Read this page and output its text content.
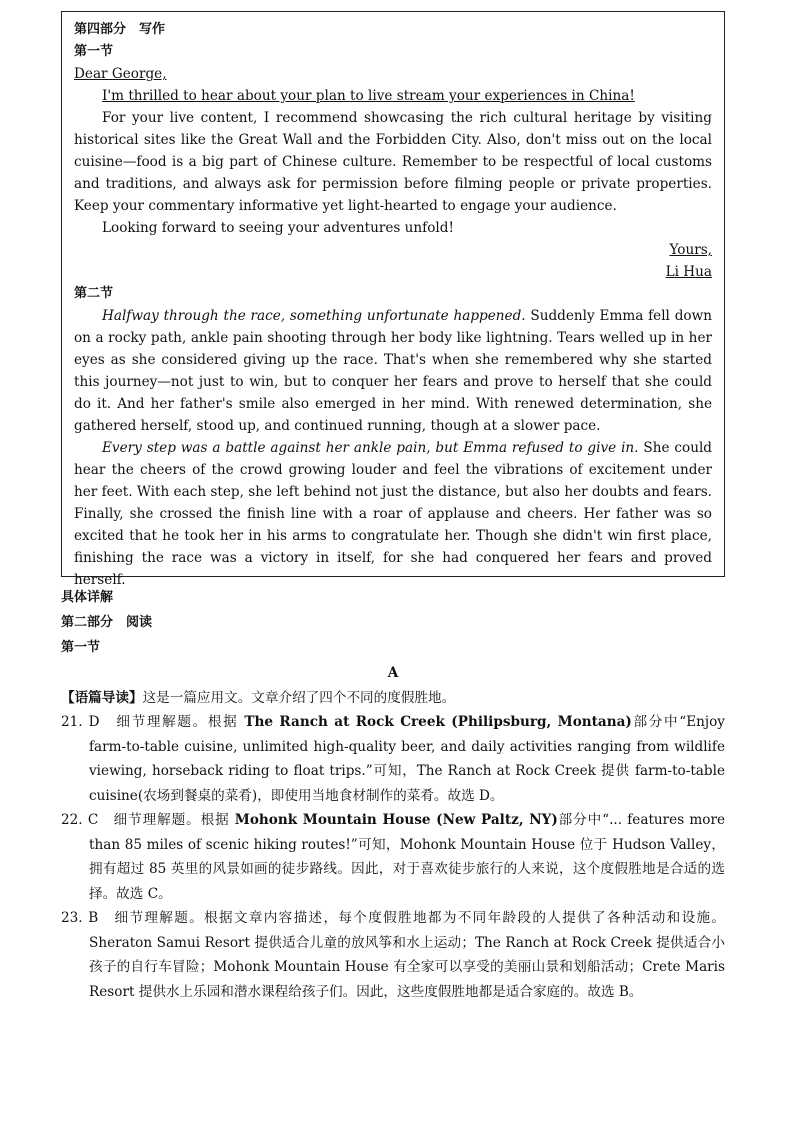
第四部分　写作
第一节

Dear George,

I'm thrilled to hear about your plan to live stream your experiences in China!

For your live content, I recommend showcasing the rich cultural heritage by visiting historical sites like the Great Wall and the Forbidden City. Also, don't miss out on the local cuisine—food is a big part of Chinese culture. Remember to be respectful of local customs and traditions, and always ask for permission before filming people or private properties. Keep your commentary informative yet light-hearted to engage your audience.

Looking forward to seeing your adventures unfold!

Yours,

Li Hua

第二节

Halfway through the race, something unfortunate happened. Suddenly Emma fell down on a rocky path, ankle pain shooting through her body like lightning. Tears welled up in her eyes as she considered giving up the race. That's when she remembered why she started this journey—not just to win, but to conquer her fears and prove to herself that she could do it. And her father's smile also emerged in her mind. With renewed determination, she gathered herself, stood up, and continued running, though at a slower pace.

Every step was a battle against her ankle pain, but Emma refused to give in. She could hear the cheers of the crowd growing louder and feel the vibrations of excitement under her feet. With each step, she left behind not just the distance, but also her doubts and fears. Finally, she crossed the finish line with a roar of applause and cheers. Her father was so excited that he took her in his arms to congratulate her. Though she didn't win first place, finishing the race was a victory in itself, for she had conquered her fears and proved herself.

具体详解
第二部分　阅读
第一节

A

【语篇导读】这是一篇应用文。文章介绍了四个不同的度假胜地。

21. D　 细节理解题。根据 The Ranch at Rock Creek (Philipsburg, Montana)部分中“Enjoy farm-to-table cuisine, unlimited high-quality beer, and daily activities ranging from wildlife viewing, horseback riding to float trips.”可知，The Ranch at Rock Creek 提供 farm-to-table cuisine(农场到餐桌的菜肴)，即使用当地食材制作的菜肴。故选 D。

22. C　 细节理解题。根据 Mohonk Mountain House (New Paltz, NY)部分中“... features more than 85 miles of scenic hiking routes!”可知，Mohonk Mountain House 位于 Hudson Valley，拥有超过 85 英里的风景如画的徒步路线。因此，对于喜欢徒步旅行的人来说，这个度假胜地是合适的选择。故选 C。

23. B　 细节理解题。根据文章内容描述，每个度假胜地都为不同年龄段的人提供了各种活动和设施。Sheraton Samui Resort 提供适合儿童的放风筝和水上运动；The Ranch at Rock Creek 提供适合小孩子的自行车冒险；Mohonk Mountain House 有全家可以享受的美丽山景和划船活动；Crete Maris Resort 提供水上乐园和潜水课程给孩子们。因此，这些度假胜地都是适合家庭的。故选 B。
